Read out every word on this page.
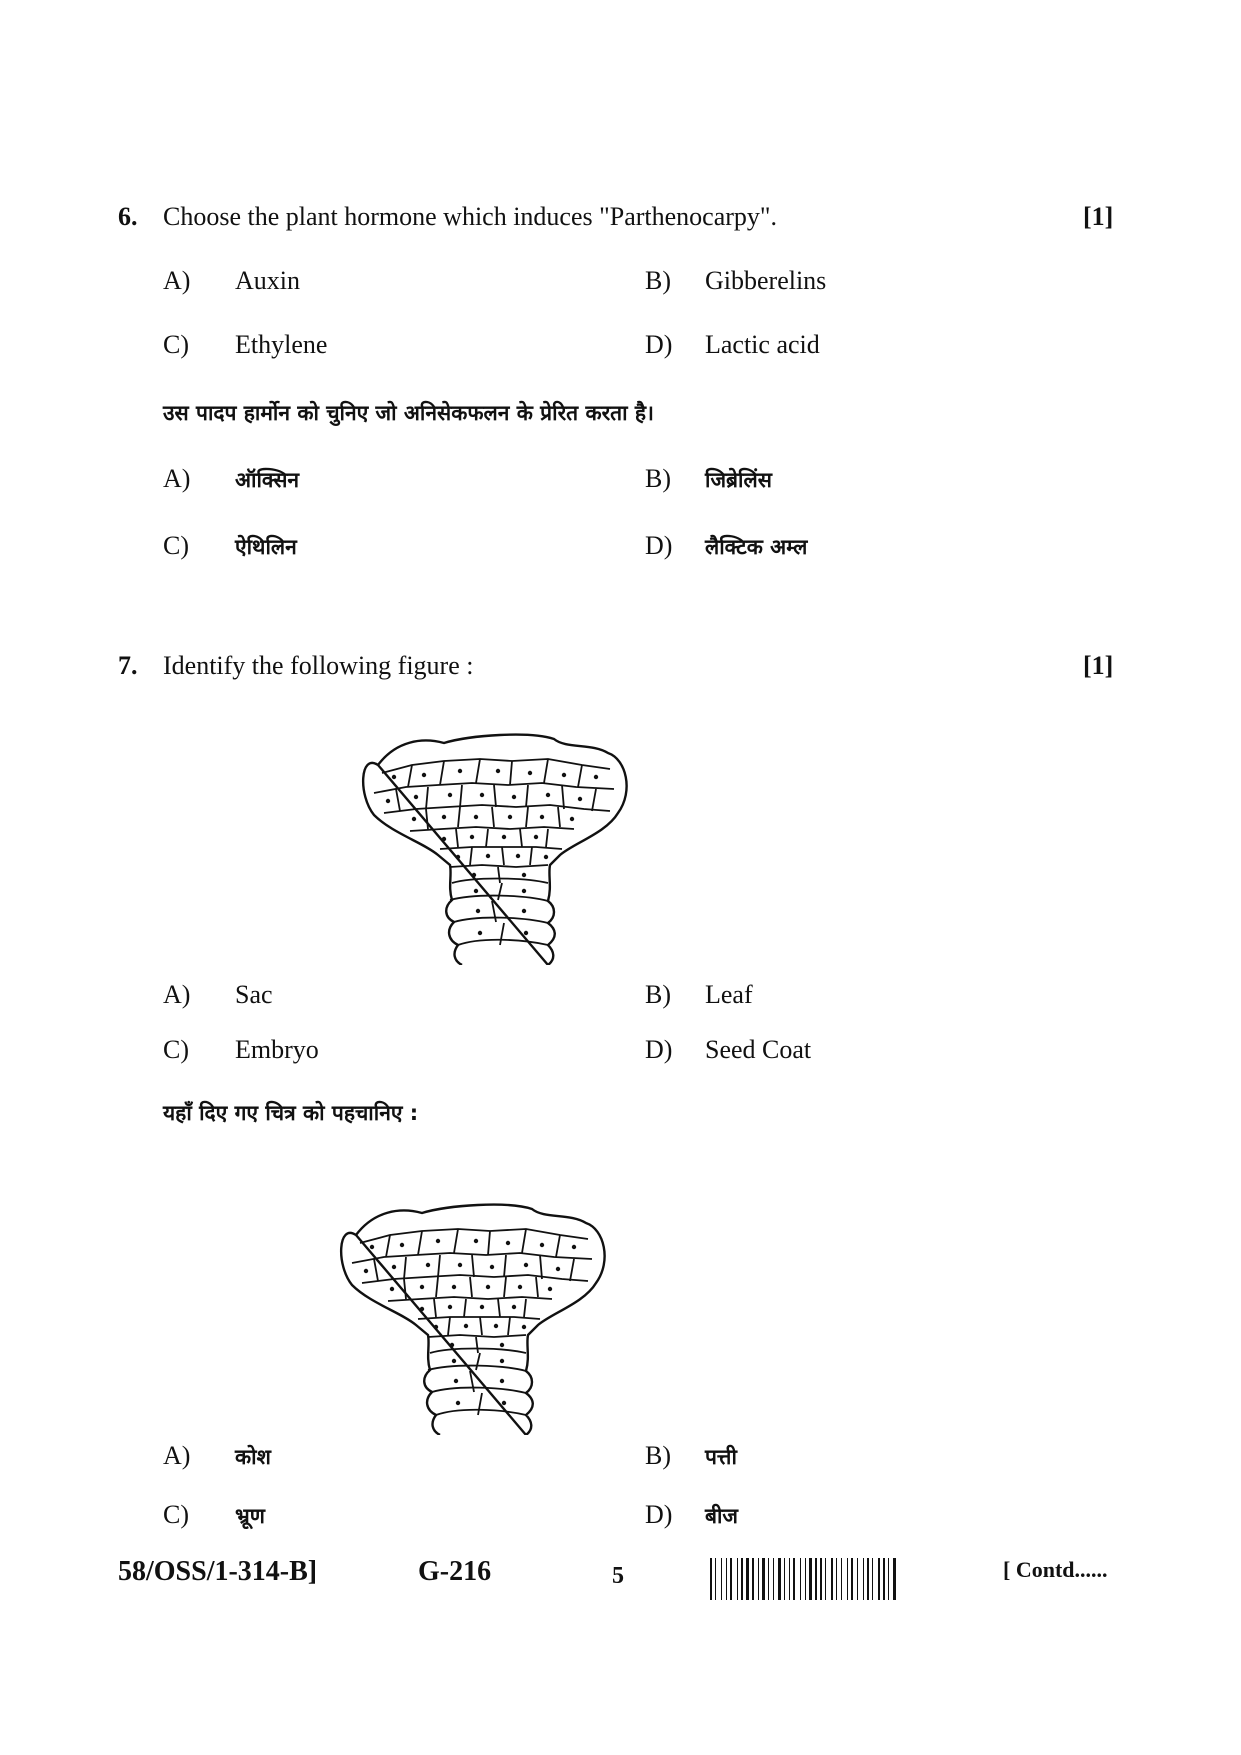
6. Choose the plant hormone which induces "Parthenocarpy".	[1]
A) Auxin	B) Gibberelins
C) Ethylene	D) Lactic acid
उस पादप हार्मोन को चुनिए जो अनिसेकफलन के प्रेरित करता है।
A) ऑक्सिन	B) जिब्रेलिंस
C) ऐथिलिन	D) लैक्टिक अम्ल
7. Identify the following figure :	[1]
A) Sac	B) Leaf
C) Embryo	D) Seed Coat
यहाँ दिए गए चित्र को पहचानिए :
A) कोश	B) पत्ती
C) भ्रूण	D) बीज
58/OSS/1-314-B]	G-216	5	[ Contd......
